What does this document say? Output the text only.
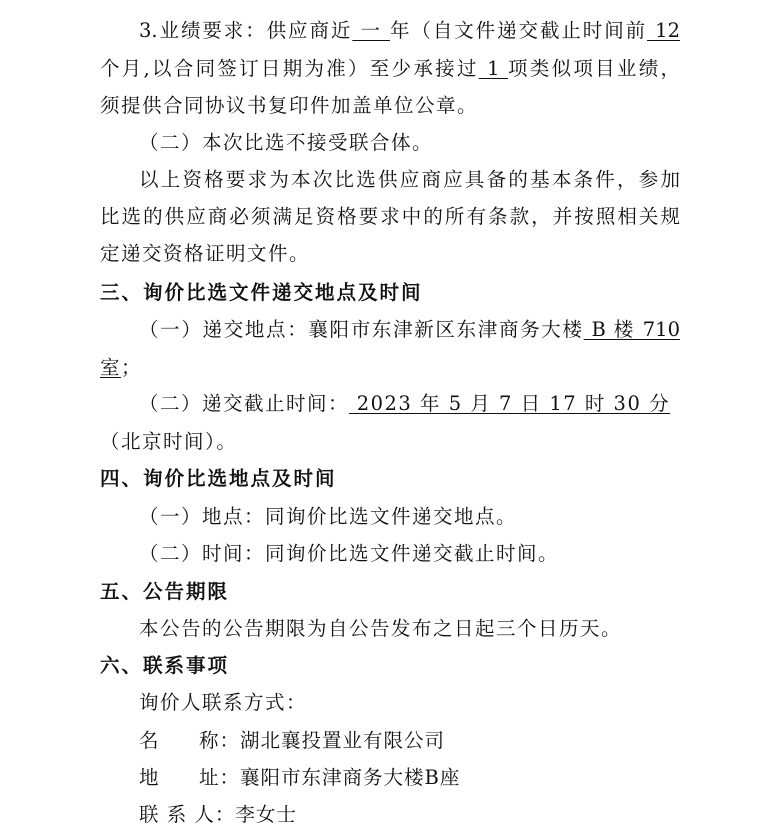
3.业绩要求：供应商近 一 年（自文件递交截止时间前 12
个月,以合同签订日期为准）至少承接过 1 项类似项目业绩，
须提供合同协议书复印件加盖单位公章。
（二）本次比选不接受联合体。
以上资格要求为本次比选供应商应具备的基本条件，参加
比选的供应商必须满足资格要求中的所有条款，并按照相关规
定递交资格证明文件。
三、询价比选文件递交地点及时间
（一）递交地点：襄阳市东津新区东津商务大楼 B 楼 710
室；
（二）递交截止时间： 2023 年 5 月 7 日 17 时 30 分
（北京时间）。
四、询价比选地点及时间
（一）地点：同询价比选文件递交地点。
（二）时间：同询价比选文件递交截止时间。
五、公告期限
本公告的公告期限为自公告发布之日起三个日历天。
六、联系事项
询价人联系方式：
名 称：湖北襄投置业有限公司
地 址：襄阳市东津商务大楼B座
联 系 人：李女士
